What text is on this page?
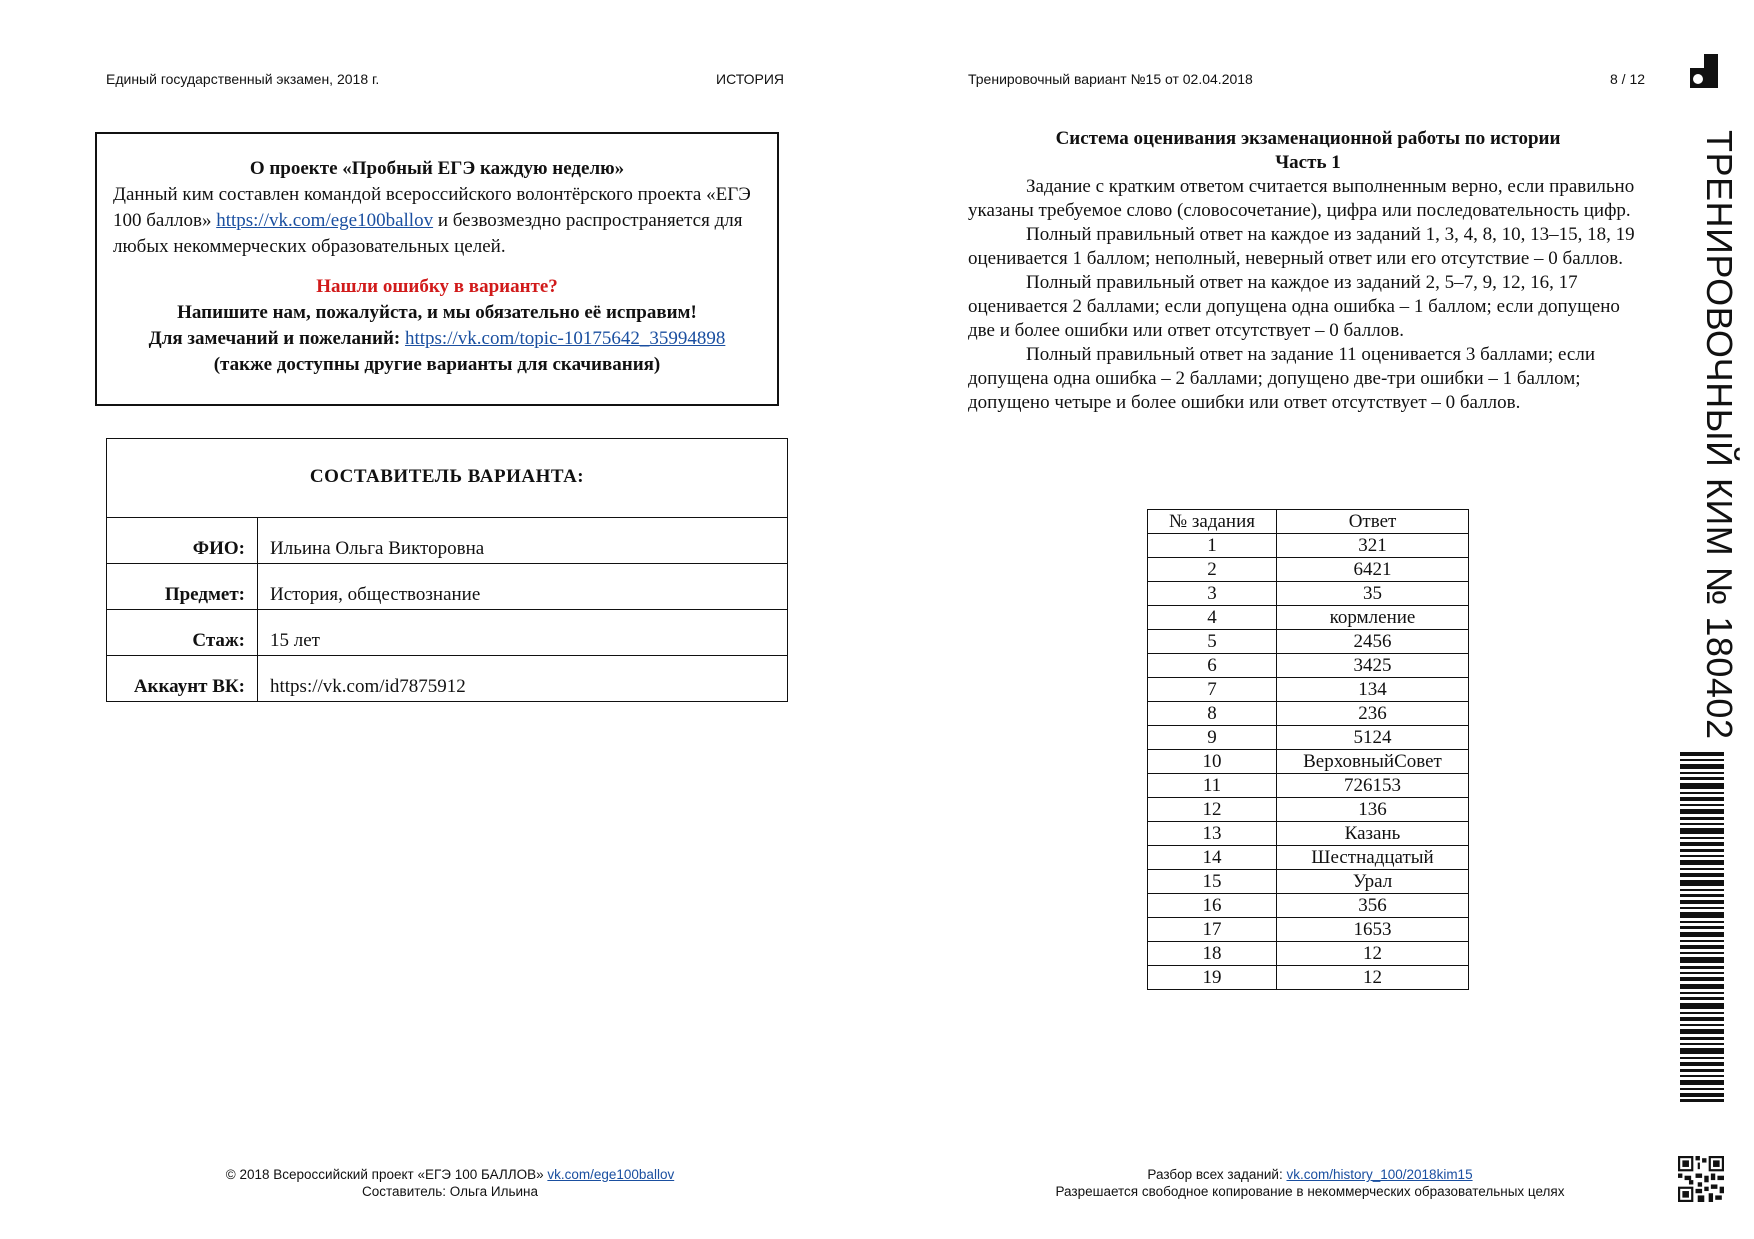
Единый государственный экзамен, 2018 г.	ИСТОРИЯ	Тренировочный вариант №15 от 02.04.2018	8 / 12
О проекте «Пробный ЕГЭ каждую неделю»
Данный ким составлен командой всероссийского волонтёрского проекта «ЕГЭ 100 баллов» https://vk.com/ege100ballov и безвозмездно распространяется для любых некоммерческих образовательных целей.
Нашли ошибку в варианте?
Напишите нам, пожалуйста, и мы обязательно её исправим!
Для замечаний и пожеланий: https://vk.com/topic-10175642_35994898
(также доступны другие варианты для скачивания)
СОСТАВИТЕЛЬ ВАРИАНТА:	
ФИО:	Ильина Ольга Викторовна
Предмет:	История, обществознание
Стаж:	15 лет
Аккаунт ВК:	https://vk.com/id7875912
© 2018 Всероссийский проект «ЕГЭ 100 БАЛЛОВ» vk.com/ege100ballov
Составитель: Ольга Ильина
Система оценивания экзаменационной работы по истории
Часть 1

Задание с кратким ответом считается выполненным верно, если правильно указаны требуемое слово (словосочетание), цифра или последовательность цифр.

Полный правильный ответ на каждое из заданий 1, 3, 4, 8, 10, 13–15, 18, 19 оценивается 1 баллом; неполный, неверный ответ или его отсутствие – 0 баллов.

Полный правильный ответ на каждое из заданий 2, 5–7, 9, 12, 16, 17 оценивается 2 баллами; если допущена одна ошибка – 1 баллом; если допущено две и более ошибки или ответ отсутствует – 0 баллов.

Полный правильный ответ на задание 11 оценивается 3 баллами; если допущена одна ошибка – 2 баллами; допущено две-три ошибки – 1 баллом; допущено четыре и более ошибки или ответ отсутствует – 0 баллов.

№ задания	Ответ
1	321
2	6421
3	35
4	кормление
5	2456
6	3425
7	134
8	236
9	5124
10	ВерховныйСовет
11	726153
12	136
13	Казань
14	Шестнадцатый
15	Урал
16	356
17	1653
18	12
19	12
Разбор всех заданий: vk.com/history_100/2018kim15
Разрешается свободное копирование в некоммерческих образовательных целях
ТРЕНИРОВОЧНЫЙ КИМ № 180402
